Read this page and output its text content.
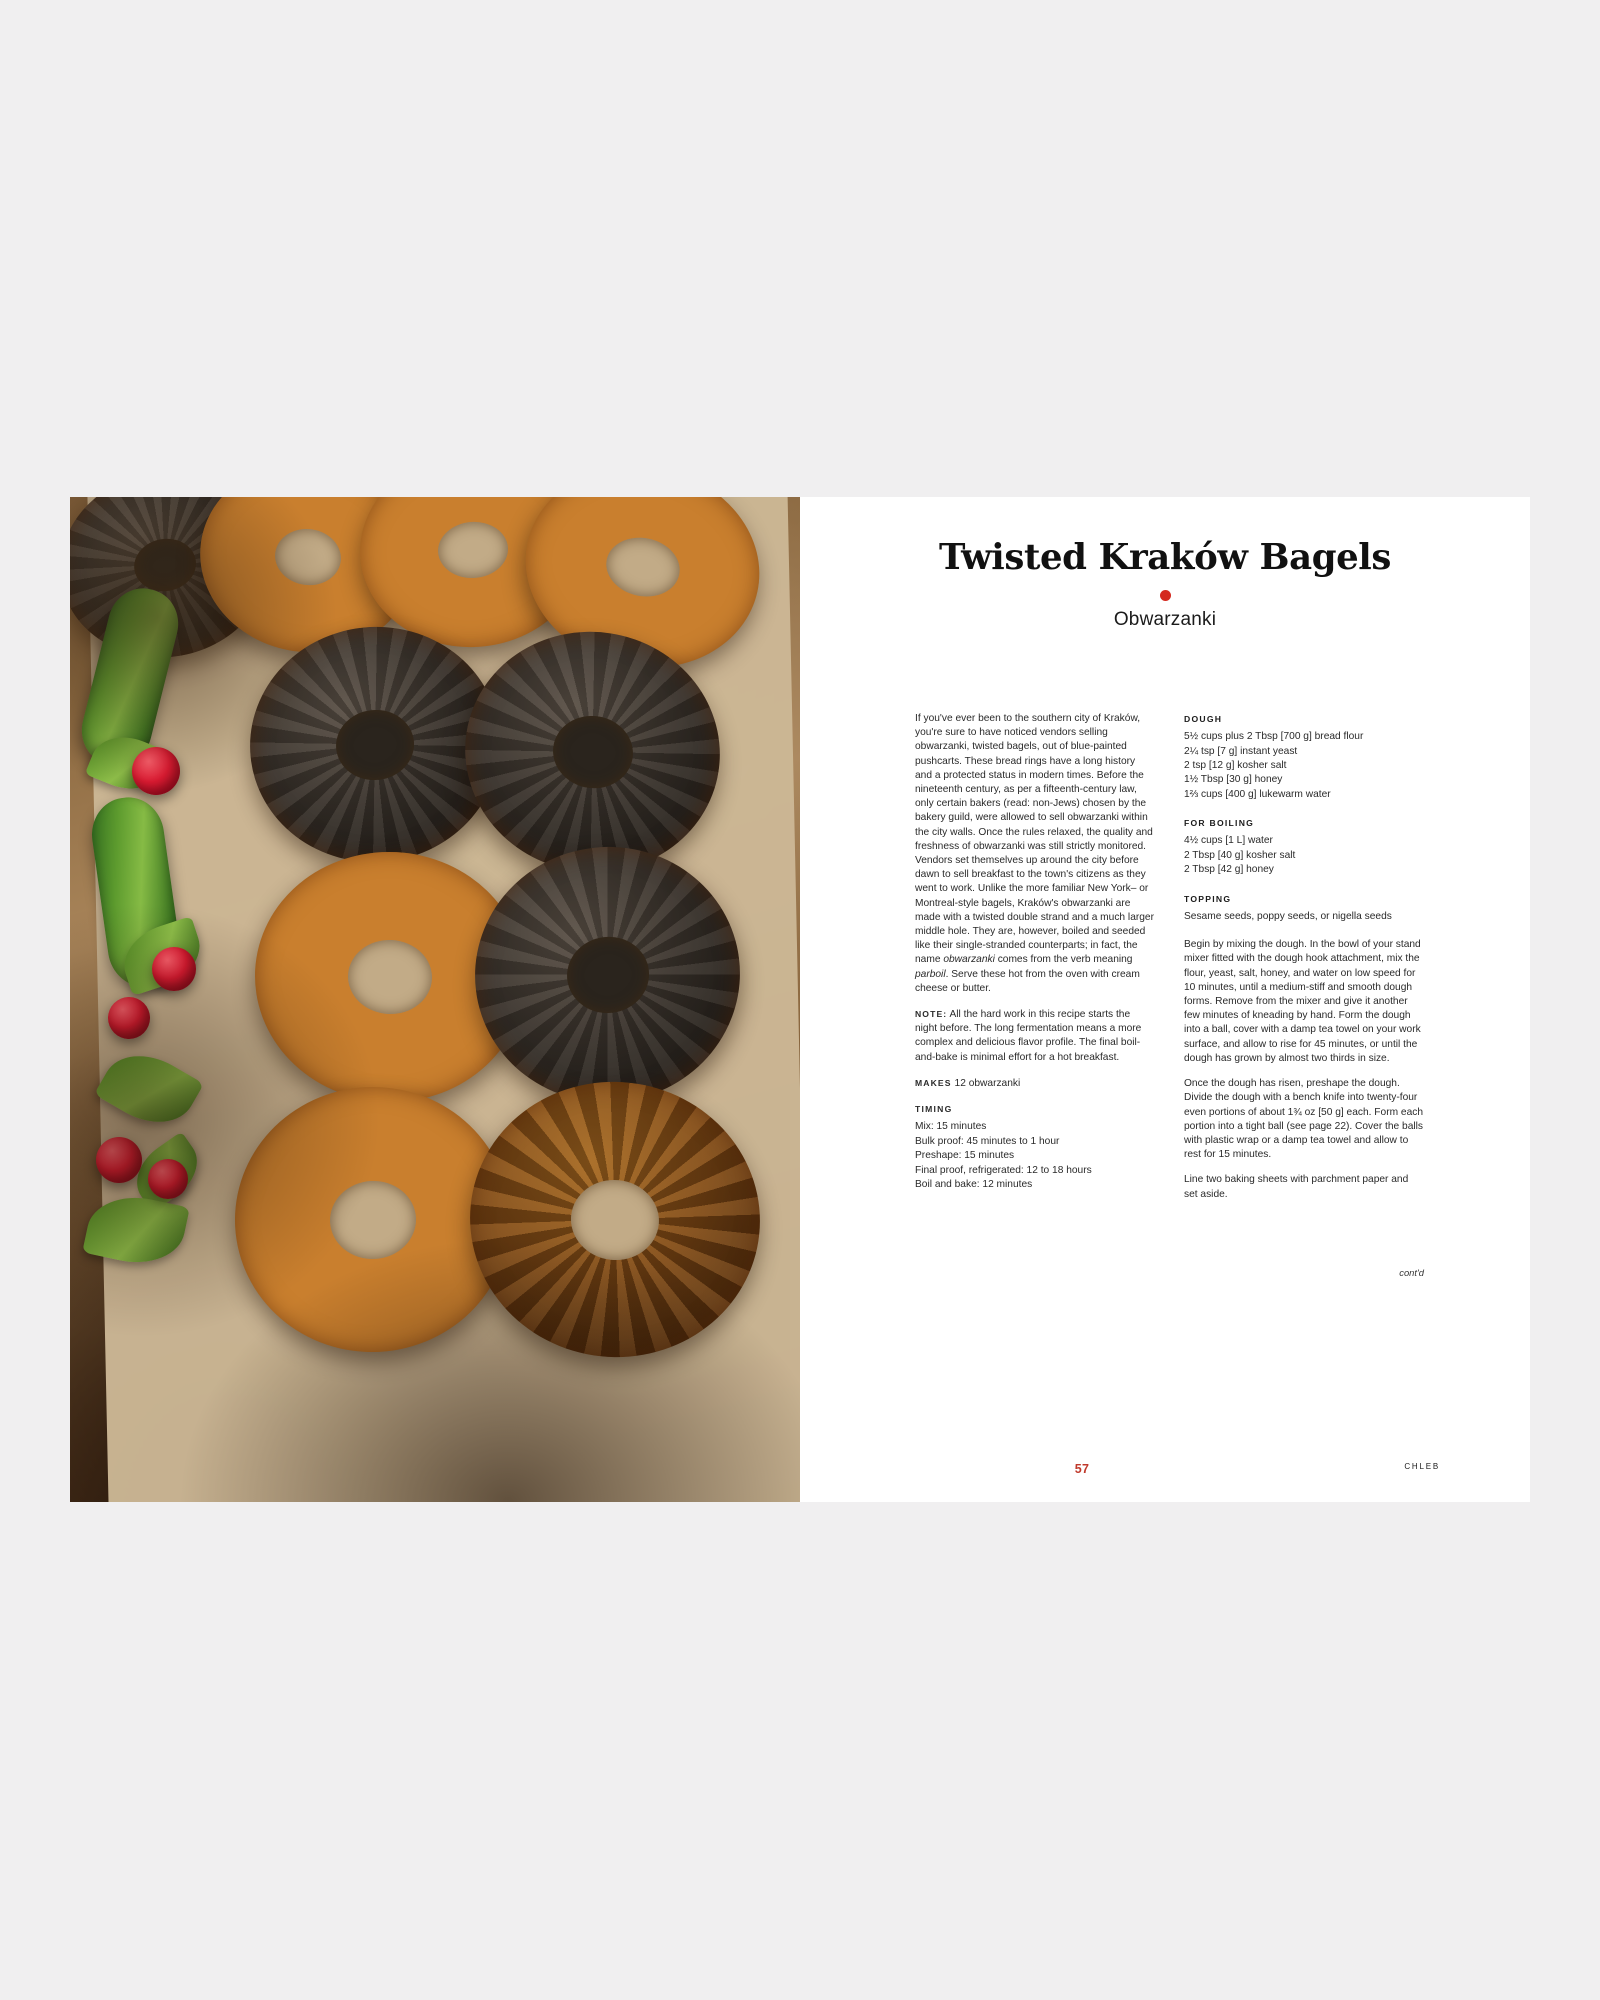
Twisted Kraków Bagels
Obwarzanki

If you've ever been to the southern city of Kraków, you're sure to have noticed vendors selling obwarzanki, twisted bagels, out of blue-painted pushcarts. These bread rings have a long history and a protected status in modern times. Before the nineteenth century, as per a fifteenth-century law, only certain bakers (read: non-Jews) chosen by the bakery guild, were allowed to sell obwarzanki within the city walls. Once the rules relaxed, the quality and freshness of obwarzanki was still strictly monitored. Vendors set themselves up around the city before dawn to sell breakfast to the town's citizens as they went to work. Unlike the more familiar New York– or Montreal-style bagels, Kraków's obwarzanki are made with a twisted double strand and a much larger middle hole. They are, however, boiled and seeded like their single-stranded counterparts; in fact, the name obwarzanki comes from the verb meaning parboil. Serve these hot from the oven with cream cheese or butter.

NOTE: All the hard work in this recipe starts the night before. The long fermentation means a more complex and delicious flavor profile. The final boil-and-bake is minimal effort for a hot breakfast.

MAKES 12 obwarzanki

TIMING
Mix: 15 minutes
Bulk proof: 45 minutes to 1 hour
Preshape: 15 minutes
Final proof, refrigerated: 12 to 18 hours
Boil and bake: 12 minutes
DOUGH
5½ cups plus 2 Tbsp [700 g] bread flour
2¼ tsp [7 g] instant yeast
2 tsp [12 g] kosher salt
1½ Tbsp [30 g] honey
1⅔ cups [400 g] lukewarm water
FOR BOILING
4½ cups [1 L] water
2 Tbsp [40 g] kosher salt
2 Tbsp [42 g] honey
TOPPING
Sesame seeds, poppy seeds, or nigella seeds

Begin by mixing the dough. In the bowl of your stand mixer fitted with the dough hook attachment, mix the flour, yeast, salt, honey, and water on low speed for 10 minutes, until a medium-stiff and smooth dough forms. Remove from the mixer and give it another few minutes of kneading by hand. Form the dough into a ball, cover with a damp tea towel on your work surface, and allow to rise for 45 minutes, or until the dough has grown by almost two thirds in size.

Once the dough has risen, preshape the dough. Divide the dough with a bench knife into twenty-four even portions of about 1¾ oz [50 g] each. Form each portion into a tight ball (see page 22). Cover the balls with plastic wrap or a damp tea towel and allow to rest for 15 minutes.

Line two baking sheets with parchment paper and set aside.

cont'd
57	CHLEB
